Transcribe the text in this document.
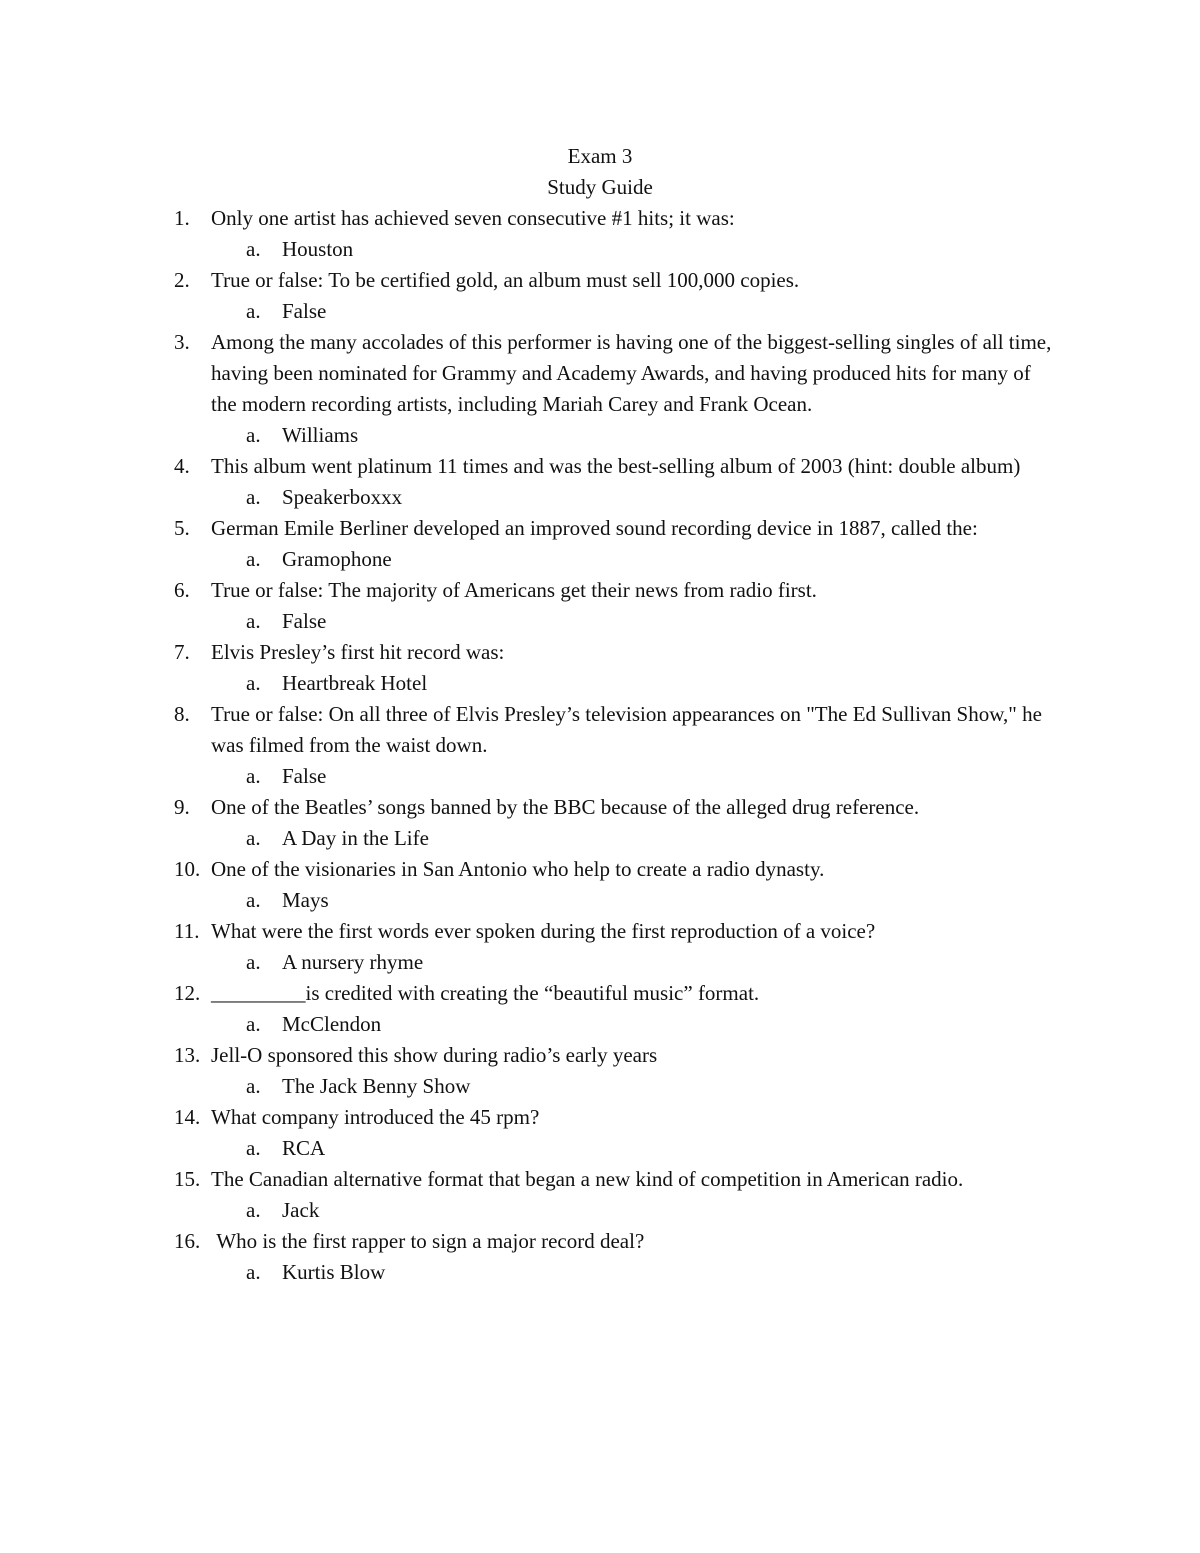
Exam 3
Study Guide
1. Only one artist has achieved seven consecutive #1 hits; it was:
a. Houston
2. True or false: To be certified gold, an album must sell 100,000 copies.
a. False
3. Among the many accolades of this performer is having one of the biggest-selling singles of all time, having been nominated for Grammy and Academy Awards, and having produced hits for many of the modern recording artists, including Mariah Carey and Frank Ocean.
a. Williams
4. This album went platinum 11 times and was the best-selling album of 2003 (hint: double album)
a. Speakerboxxx
5. German Emile Berliner developed an improved sound recording device in 1887, called the:
a. Gramophone
6. True or false: The majority of Americans get their news from radio first.
a. False
7. Elvis Presley’s first hit record was:
a. Heartbreak Hotel
8. True or false: On all three of Elvis Presley’s television appearances on "The Ed Sullivan Show," he was filmed from the waist down.
a. False
9. One of the Beatles’ songs banned by the BBC because of the alleged drug reference.
a. A Day in the Life
10. One of the visionaries in San Antonio who help to create a radio dynasty.
a. Mays
11. What were the first words ever spoken during the first reproduction of a voice?
a. A nursery rhyme
12. _________is credited with creating the “beautiful music” format.
a. McClendon
13. Jell-O sponsored this show during radio’s early years
a. The Jack Benny Show
14. What company introduced the 45 rpm?
a. RCA
15. The Canadian alternative format that began a new kind of competition in American radio.
a. Jack
16. Who is the first rapper to sign a major record deal?
a. Kurtis Blow
